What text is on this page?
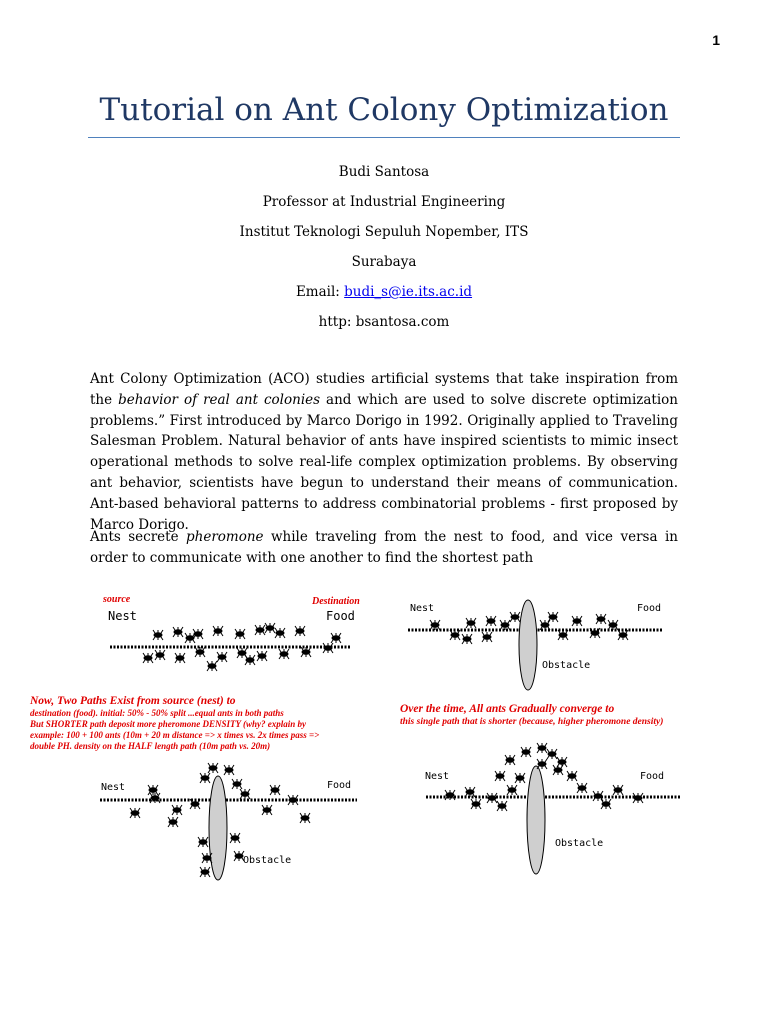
1
Tutorial on Ant Colony Optimization
Budi Santosa
Professor at Industrial Engineering
Institut Teknologi Sepuluh Nopember, ITS
Surabaya
Email: budi_s@ie.its.ac.id
http: bsantosa.com

Ant Colony Optimization (ACO) studies artificial systems that take inspiration from the behavior of real ant colonies and which are used to solve discrete optimization problems.” First introduced by Marco Dorigo in 1992. Originally applied to Traveling Salesman Problem. Natural behavior of ants have inspired scientists to mimic insect operational methods to solve real-life complex optimization problems. By observing ant behavior, scientists have begun to understand their means of communication. Ant-based behavioral patterns to address combinatorial problems - first proposed by Marco Dorigo.

Ants secrete pheromone while traveling from the nest to food, and vice versa in order to communicate with one another to find the shortest path

source	Destination
Nest	Food
Nest	Food
Obstacle
Nest	Food
Obstacle
Nest	Food
Obstacle
Now, Two Paths Exist from source (nest) to
destination (food). initial: 50% - 50% split ...equal ants in both paths
But SHORTER path deposit more pheromone DENSITY (why? explain by
example: 100 + 100 ants (10m + 20 m distance => x times vs. 2x times pass =>
double PH. density on the HALF length path (10m path vs. 20m)
Over the time, All ants Gradually converge to
this single path that is shorter (because, higher pheromone density)
